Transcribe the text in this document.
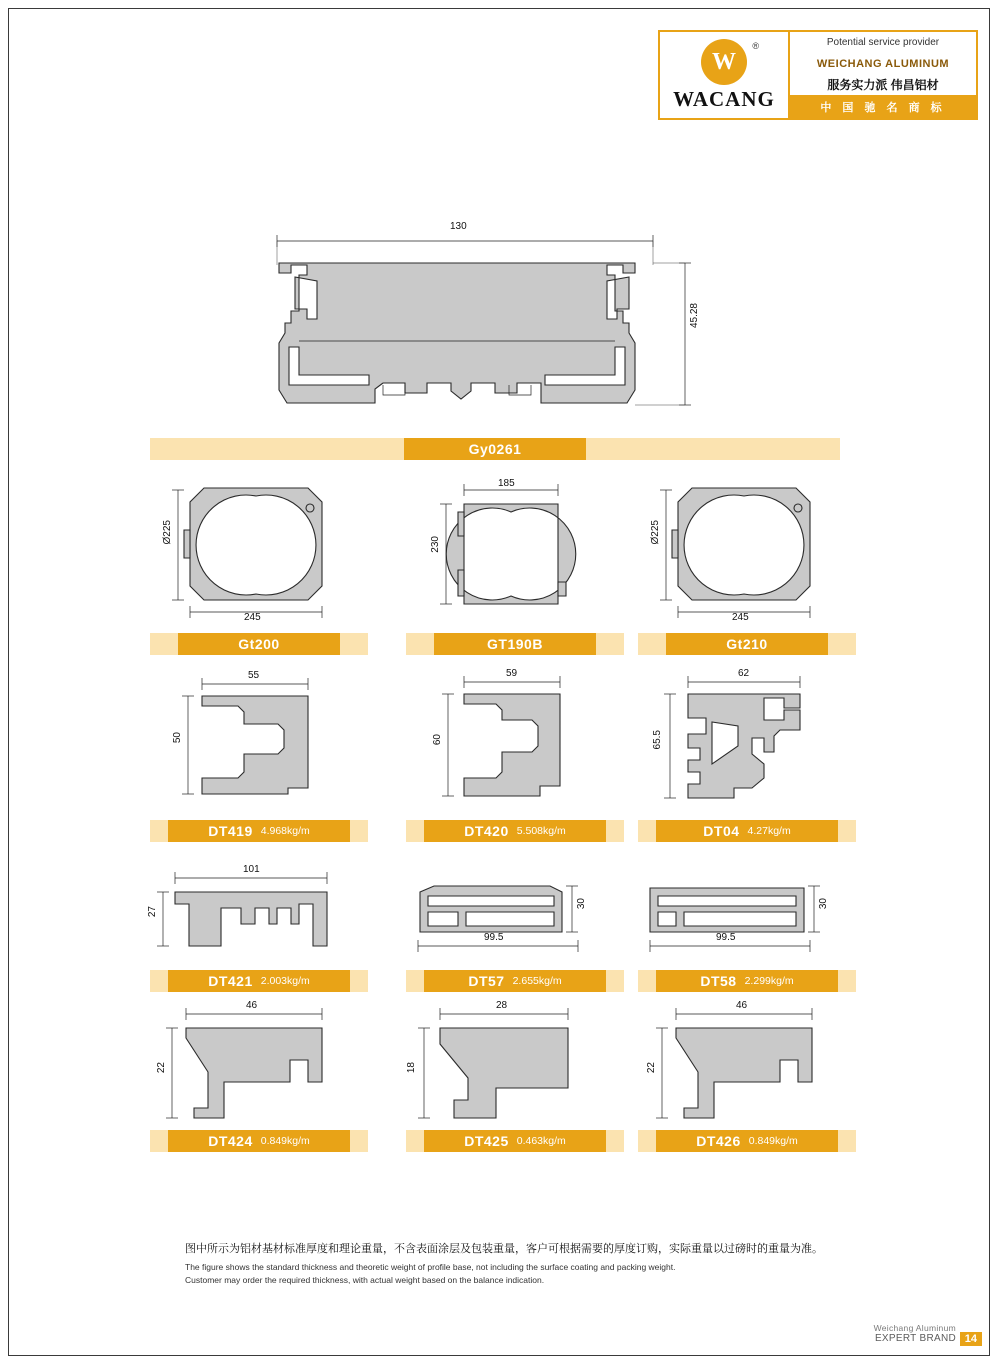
W
®
WACANG
Potential service provider
WEICHANG ALUMINUM
服务实力派 伟昌铝材
中 国 驰 名 商 标
130
45.28
Gy0261
Ø225
245
185
230	Ø225
245
Gt200	GT190B	Gt210
55
50
59
60
62
65.5
DT419 4.968kg/m	DT420 5.508kg/m	DT04 4.27kg/m
101
27
30
99.5
30
99.5
DT421 2.003kg/m	DT57 2.655kg/m	DT58 2.299kg/m
46
22
28
18
46
22
DT424 0.849kg/m	DT425 0.463kg/m	DT426 0.849kg/m
图中所示为铝材基材标准厚度和理论重量，不含表面涂层及包装重量，客户可根据需要的厚度订购，实际重量以过磅时的重量为准。
The figure shows the standard thickness and theoretic weight of profile base, not including the surface coating and packing weight.
Customer may order the required thickness, with actual weight based on the balance indication.
Weichang Aluminum
EXPERT BRAND 14
